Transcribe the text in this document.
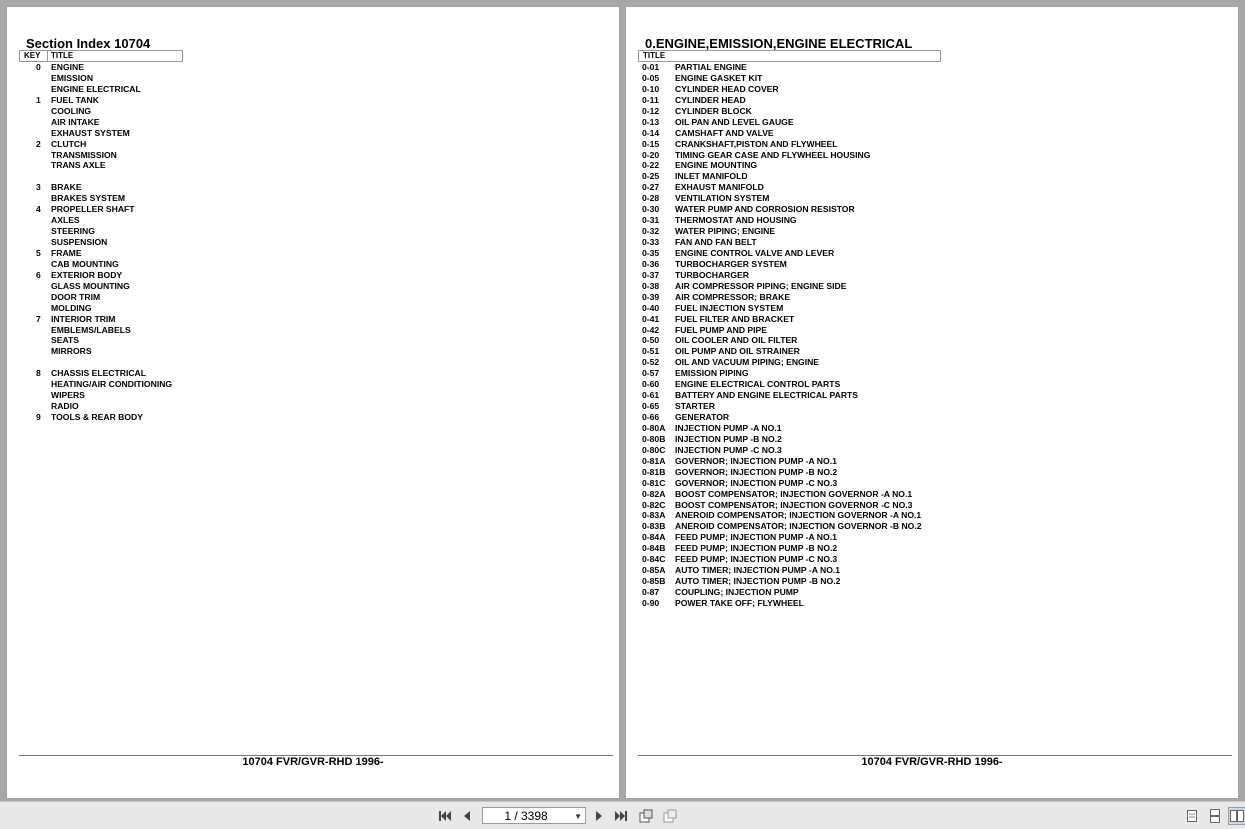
Section Index 10704
KEY TITLE
0 ENGINE
EMISSION
ENGINE ELECTRICAL
1 FUEL TANK
COOLING
AIR INTAKE
EXHAUST SYSTEM
2 CLUTCH
TRANSMISSION
TRANS AXLE
3 BRAKE
BRAKES SYSTEM
4 PROPELLER SHAFT
AXLES
STEERING
SUSPENSION
5 FRAME
CAB MOUNTING
6 EXTERIOR BODY
GLASS MOUNTING
DOOR TRIM
MOLDING
7 INTERIOR TRIM
EMBLEMS/LABELS
SEATS
MIRRORS
8 CHASSIS ELECTRICAL
HEATING/AIR CONDITIONING
WIPERS
RADIO
9 TOOLS & REAR BODY
10704 FVR/GVR-RHD 1996-
0.ENGINE,EMISSION,ENGINE ELECTRICAL
TITLE
0-01 PARTIAL ENGINE
0-05 ENGINE GASKET KIT
0-10 CYLINDER HEAD COVER
0-11 CYLINDER HEAD
0-12 CYLINDER BLOCK
0-13 OIL PAN AND LEVEL GAUGE
0-14 CAMSHAFT AND VALVE
0-15 CRANKSHAFT,PISTON AND FLYWHEEL
0-20 TIMING GEAR CASE AND FLYWHEEL HOUSING
0-22 ENGINE MOUNTING
0-25 INLET MANIFOLD
0-27 EXHAUST MANIFOLD
0-28 VENTILATION SYSTEM
0-30 WATER PUMP AND CORROSION RESISTOR
0-31 THERMOSTAT AND HOUSING
0-32 WATER PIPING; ENGINE
0-33 FAN AND FAN BELT
0-35 ENGINE CONTROL VALVE AND LEVER
0-36 TURBOCHARGER SYSTEM
0-37 TURBOCHARGER
0-38 AIR COMPRESSOR PIPING; ENGINE SIDE
0-39 AIR COMPRESSOR; BRAKE
0-40 FUEL INJECTION SYSTEM
0-41 FUEL FILTER AND BRACKET
0-42 FUEL PUMP AND PIPE
0-50 OIL COOLER AND OIL FILTER
0-51 OIL PUMP AND OIL STRAINER
0-52 OIL AND VACUUM PIPING; ENGINE
0-57 EMISSION PIPING
0-60 ENGINE ELECTRICAL CONTROL PARTS
0-61 BATTERY AND ENGINE ELECTRICAL PARTS
0-65 STARTER
0-66 GENERATOR
0-80A INJECTION PUMP -A NO.1
0-80B INJECTION PUMP -B NO.2
0-80C INJECTION PUMP -C NO.3
0-81A GOVERNOR; INJECTION PUMP -A NO.1
0-81B GOVERNOR; INJECTION PUMP -B NO.2
0-81C GOVERNOR; INJECTION PUMP -C NO.3
0-82A BOOST COMPENSATOR; INJECTION GOVERNOR -A NO.1
0-82C BOOST COMPENSATOR; INJECTION GOVERNOR -C NO.3
0-83A ANEROID COMPENSATOR; INJECTION GOVERNOR -A NO.1
0-83B ANEROID COMPENSATOR; INJECTION GOVERNOR -B NO.2
0-84A FEED PUMP; INJECTION PUMP -A NO.1
0-84B FEED PUMP; INJECTION PUMP -B NO.2
0-84C FEED PUMP; INJECTION PUMP -C NO.3
0-85A AUTO TIMER; INJECTION PUMP -A NO.1
0-85B AUTO TIMER; INJECTION PUMP -B NO.2
0-87 COUPLING; INJECTION PUMP
0-90 POWER TAKE OFF; FLYWHEEL
10704 FVR/GVR-RHD 1996-
1 / 3398	▼
